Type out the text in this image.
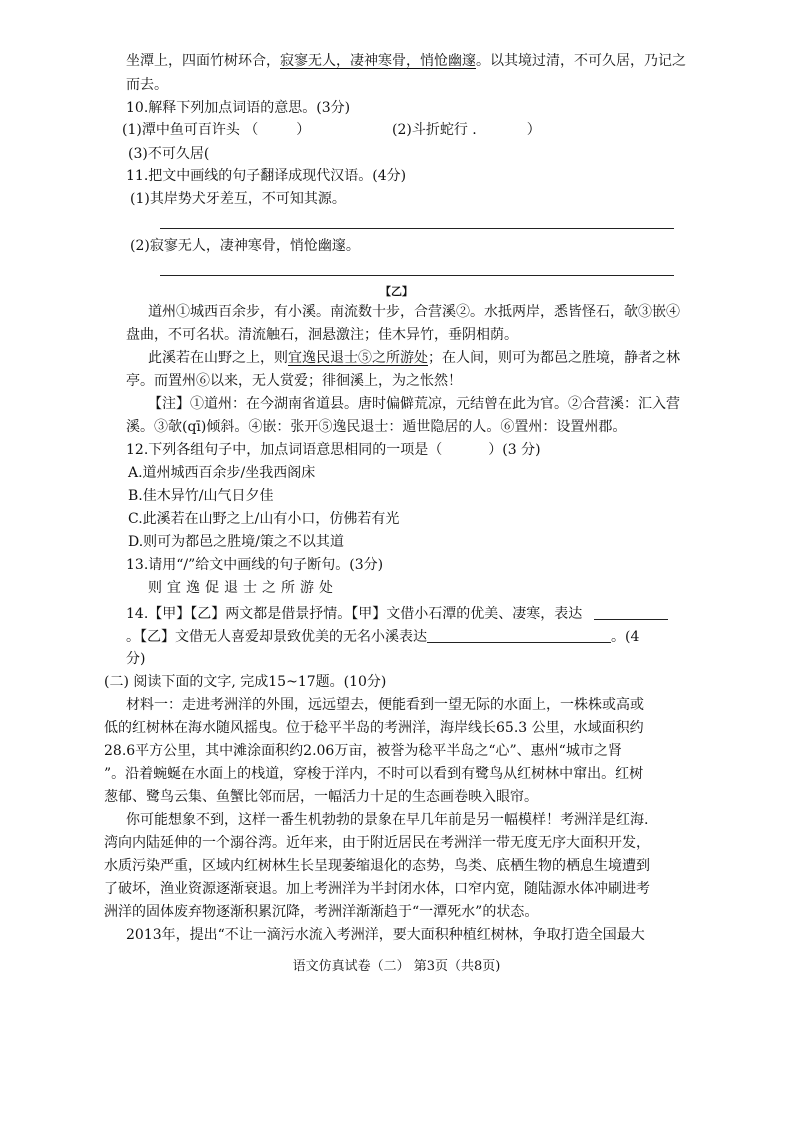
坐潭上，四面竹树环合，寂寥无人，凄神寒骨，悄怆幽邃。以其境过清，不可久居，乃记之
而去。
10.解释下列加点词语的意思。(3分)
(1)潭中鱼可百许头 （	）	(2)斗折蛇行 .	）
(3)不可久居(
11.把文中画线的句子翻译成现代汉语。(4分)
(1)其岸势犬牙差互，不可知其源。
(2)寂寥无人，凄神寒骨，悄怆幽邃。
【乙】
道州①城西百余步，有小溪。南流数十步，合营溪②。水抵两岸，悉皆怪石，欹③嵌④
盘曲，不可名状。清流触石，洄悬激注；佳木异竹，垂阴相荫。
此溪若在山野之上，则宜逸民退士⑤之所游处；在人间，则可为都邑之胜境，静者之林
亭。而置州⑥以来，无人赏爱；徘徊溪上，为之怅然！
【注】①道州：在今湖南省道县。唐时偏僻荒凉，元结曾在此为官。②合营溪：汇入营
溪。③欹(qī)倾斜。④嵌：张开⑤逸民退士：遁世隐居的人。⑥置州：设置州郡。
12.下列各组句子中，加点词语意思相同的一项是（	）(3 分)
A.道州城西百余步/坐我西阁床
B.佳木异竹/山气日夕佳
C.此溪若在山野之上/山有小口，仿佛若有光
D.则可为都邑之胜境/策之不以其道
13.请用“/”给文中画线的句子断句。(3分)
则宜逸促退士之所游处
14.【甲】【乙】两文都是借景抒情。【甲】文借小石潭的优美、凄寒，表达
。【乙】文借无人喜爱却景致优美的无名小溪表达	。(4
分)
(二) 阅读下面的文字, 完成15~17题。(10分)
材料一：走进考洲洋的外围，远远望去，便能看到一望无际的水面上，一株株或高或
低的红树林在海水随风摇曳。位于稔平半岛的考洲洋，海岸线长65.3 公里，水域面积约
28.6平方公里，其中滩涂面积约2.06万亩，被誉为稔平半岛之“心”、惠州“城市之肾
”。沿着蜿蜒在水面上的栈道，穿梭于洋内，不时可以看到有鹭鸟从红树林中窜出。红树
葱郁、鹭鸟云集、鱼蟹比邻而居，一幅活力十足的生态画卷映入眼帘。
你可能想象不到，这样一番生机勃勃的景象在早几年前是另一幅模样！考洲洋是红海.
湾向内陆延伸的一个溺谷湾。近年来，由于附近居民在考洲洋一带无度无序大面积开发，
水质污染严重，区域内红树林生长呈现萎缩退化的态势，鸟类、底栖生物的栖息生境遭到
了破坏，渔业资源逐渐衰退。加上考洲洋为半封闭水体，口窄内宽，随陆源水体冲刷进考
洲洋的固体废弃物逐渐积累沉降，考洲洋渐渐趋于“一潭死水”的状态。
2013年，提出“不让一滴污水流入考洲洋，要大面积种植红树林，争取打造全国最大
语文仿真试卷（二） 第3页（共8页)
